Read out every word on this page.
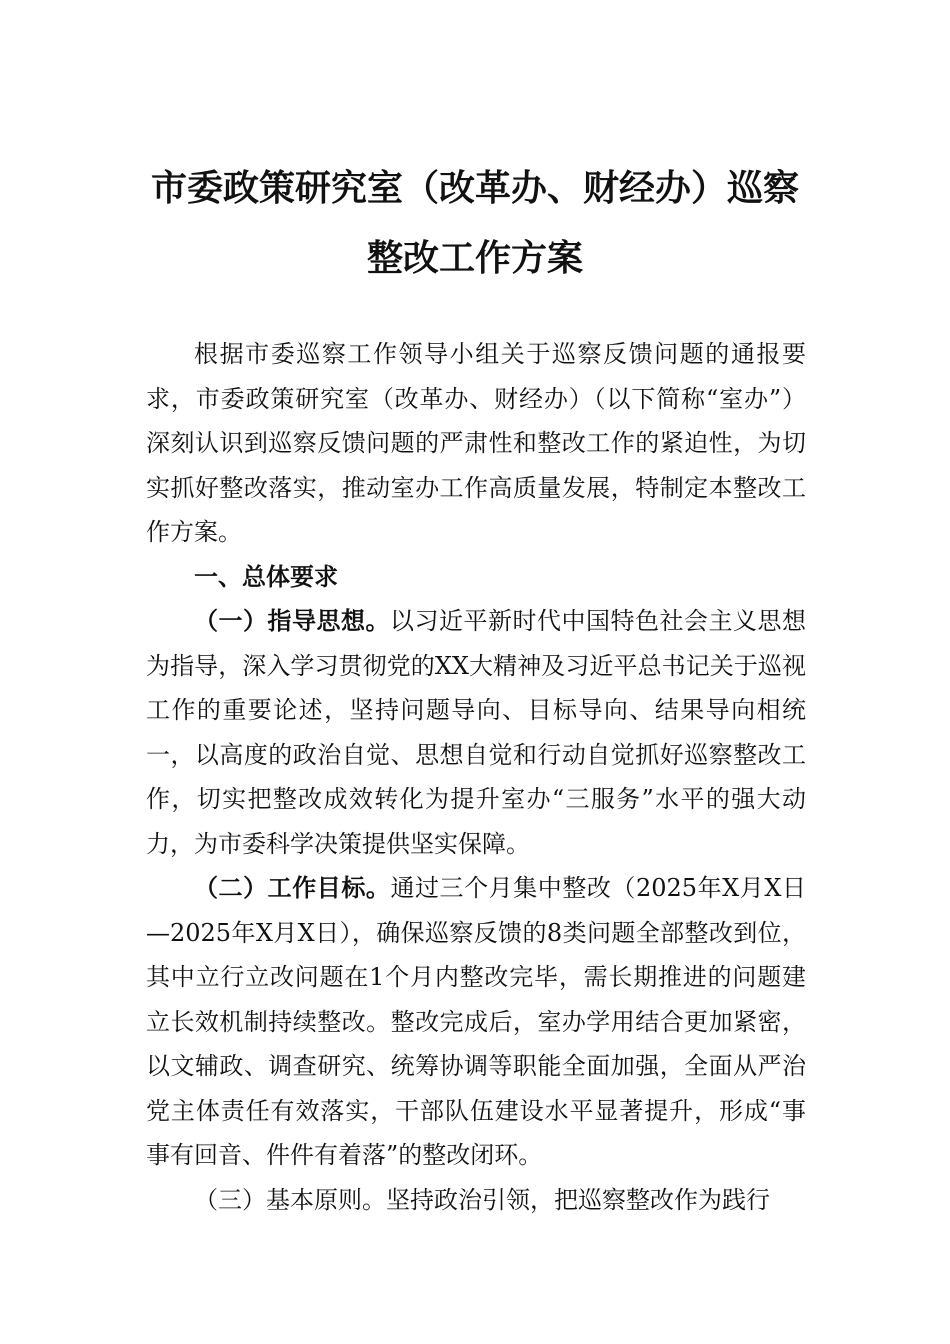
市委政策研究室（改革办、财经办）巡察
整改工作方案

根据市委巡察工作领导小组关于巡察反馈问题的通报要求，市委政策研究室（改革办、财经办）（以下简称“室办”）深刻认识到巡察反馈问题的严肃性和整改工作的紧迫性，为切实抓好整改落实，推动室办工作高质量发展，特制定本整改工作方案。

一、总体要求

（一）指导思想。以习近平新时代中国特色社会主义思想为指导，深入学习贯彻党的XX大精神及习近平总书记关于巡视工作的重要论述，坚持问题导向、目标导向、结果导向相统一，以高度的政治自觉、思想自觉和行动自觉抓好巡察整改工作，切实把整改成效转化为提升室办“三服务”水平的强大动力，为市委科学决策提供坚实保障。

（二）工作目标。通过三个月集中整改（2025年X月X日—2025年X月X日），确保巡察反馈的8类问题全部整改到位，其中立行立改问题在1个月内整改完毕，需长期推进的问题建立长效机制持续整改。整改完成后，室办学用结合更加紧密，以文辅政、调查研究、统筹协调等职能全面加强，全面从严治党主体责任有效落实，干部队伍建设水平显著提升，形成“事事有回音、件件有着落”的整改闭环。

（三）基本原则。坚持政治引领，把巡察整改作为践行
